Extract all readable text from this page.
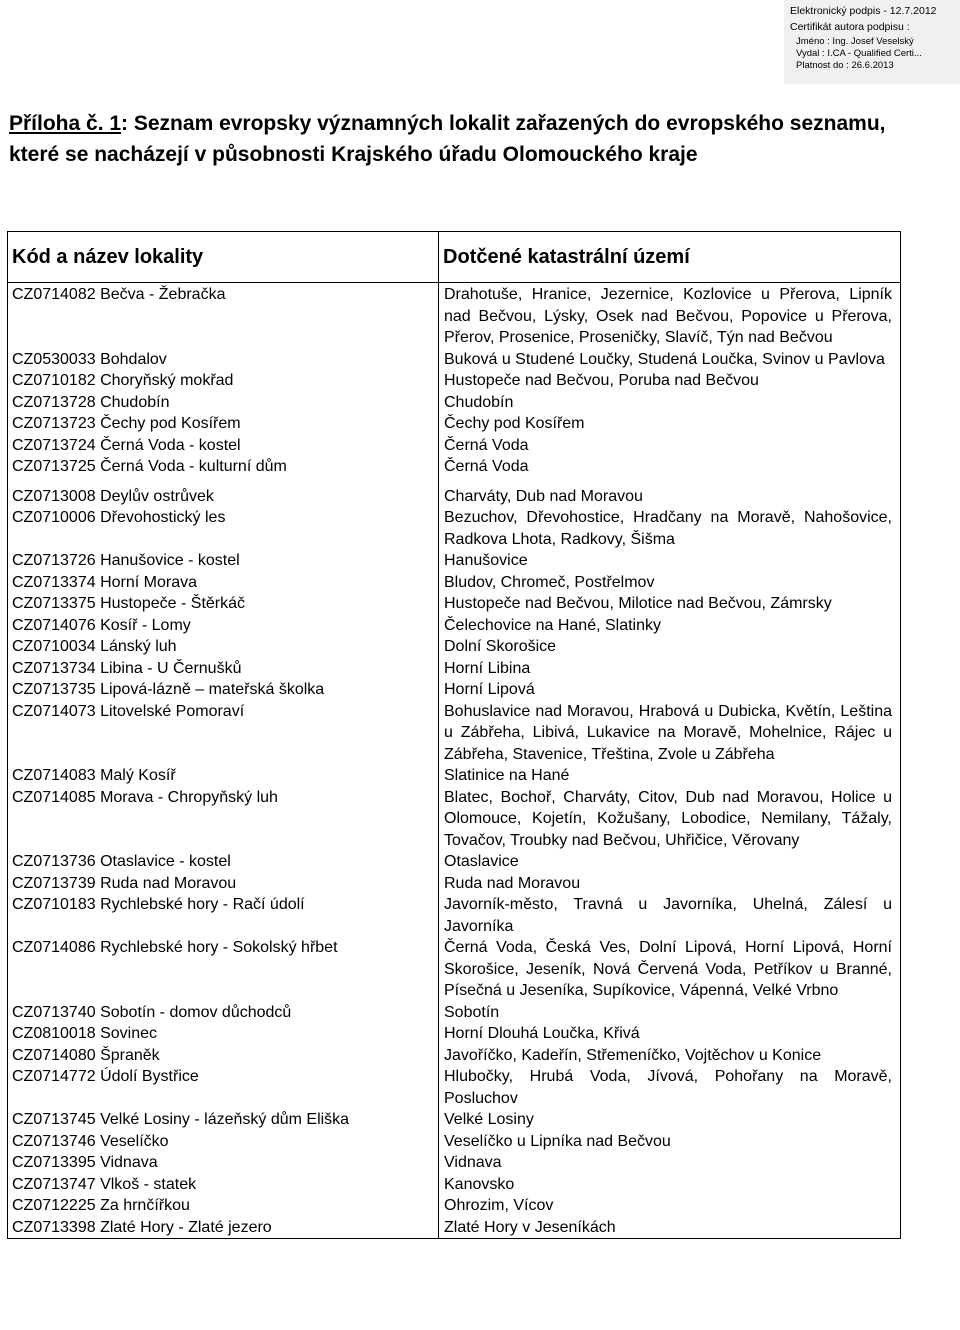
Elektronický podpis - 12.7.2012
Certifikát autora podpisu :
Jméno : Ing. Josef Veselský
Vydal : I.CA - Qualified Certi...
Platnost do : 26.6.2013
Příloha č. 1: Seznam evropsky významných lokalit zařazených do evropského seznamu, které se nacházejí v působnosti Krajského úřadu Olomouckého kraje
Kód a název lokality	Dotčené katastrální území
CZ0714082 Bečva - Žebračka	Drahotuše, Hranice, Jezernice, Kozlovice u Přerova, Lipník nad Bečvou, Lýsky, Osek nad Bečvou, Popovice u Přerova, Přerov, Prosenice, Proseničky, Slavíč, Týn nad Bečvou
CZ0530033 Bohdalov	Buková u Studené Loučky, Studená Loučka, Svinov u Pavlova
CZ0710182 Choryňský mokřad	Hustopeče nad Bečvou, Poruba nad Bečvou
CZ0713728 Chudobín	Chudobín
CZ0713723 Čechy pod Kosířem	Čechy pod Kosířem
CZ0713724 Černá Voda - kostel	Černá Voda
CZ0713725 Černá Voda - kulturní dům	Černá Voda
CZ0713008 Deylův ostrůvek	Charváty, Dub nad Moravou
CZ0710006 Dřevohostický les	Bezuchov, Dřevohostice, Hradčany na Moravě, Nahošovice, Radkova Lhota, Radkovy, Šišma
CZ0713726 Hanušovice - kostel	Hanušovice
CZ0713374 Horní Morava	Bludov, Chromeč, Postřelmov
CZ0713375 Hustopeče - Štěrkáč	Hustopeče nad Bečvou, Milotice nad Bečvou, Zámrsky
CZ0714076 Kosíř - Lomy	Čelechovice na Hané, Slatinky
CZ0710034 Lánský luh	Dolní Skorošice
CZ0713734 Libina - U Černušků	Horní Libina
CZ0713735 Lipová-lázně – mateřská školka	Horní Lipová
CZ0714073 Litovelské Pomoraví	Bohuslavice nad Moravou, Hrabová u Dubicka, Květín, Leština u Zábřeha, Libivá, Lukavice na Moravě, Mohelnice, Rájec u Zábřeha, Stavenice, Třeština, Zvole u Zábřeha
CZ0714083 Malý Kosíř	Slatinice na Hané
CZ0714085 Morava - Chropyňský luh	Blatec, Bochoř, Charváty, Citov, Dub nad Moravou, Holice u Olomouce, Kojetín, Kožušany, Lobodice, Nemilany, Tážaly, Tovačov, Troubky nad Bečvou, Uhřičice, Věrovany
CZ0713736 Otaslavice - kostel	Otaslavice
CZ0713739 Ruda nad Moravou	Ruda nad Moravou
CZ0710183 Rychlebské hory - Račí údolí	Javorník-město, Travná u Javorníka, Uhelná, Zálesí u Javorníka
CZ0714086 Rychlebské hory - Sokolský hřbet	Černá Voda, Česká Ves, Dolní Lipová, Horní Lipová, Horní Skorošice, Jeseník, Nová Červená Voda, Petříkov u Branné, Písečná u Jeseníka, Supíkovice, Vápenná, Velké Vrbno
CZ0713740 Sobotín - domov důchodců	Sobotín
CZ0810018 Sovinec	Horní Dlouhá Loučka, Křivá
CZ0714080 Špraněk	Javoříčko, Kadeřín, Střemeníčko, Vojtěchov u Konice
CZ0714772 Údolí Bystřice	Hlubočky, Hrubá Voda, Jívová, Pohořany na Moravě, Posluchov
CZ0713745 Velké Losiny - lázeňský dům Eliška	Velké Losiny
CZ0713746 Veselíčko	Veselíčko u Lipníka nad Bečvou
CZ0713395 Vidnava	Vidnava
CZ0713747 Vlkoš - statek	Kanovsko
CZ0712225 Za hrnčířkou	Ohrozim, Vícov
CZ0713398 Zlaté Hory - Zlaté jezero	Zlaté Hory v Jeseníkách
